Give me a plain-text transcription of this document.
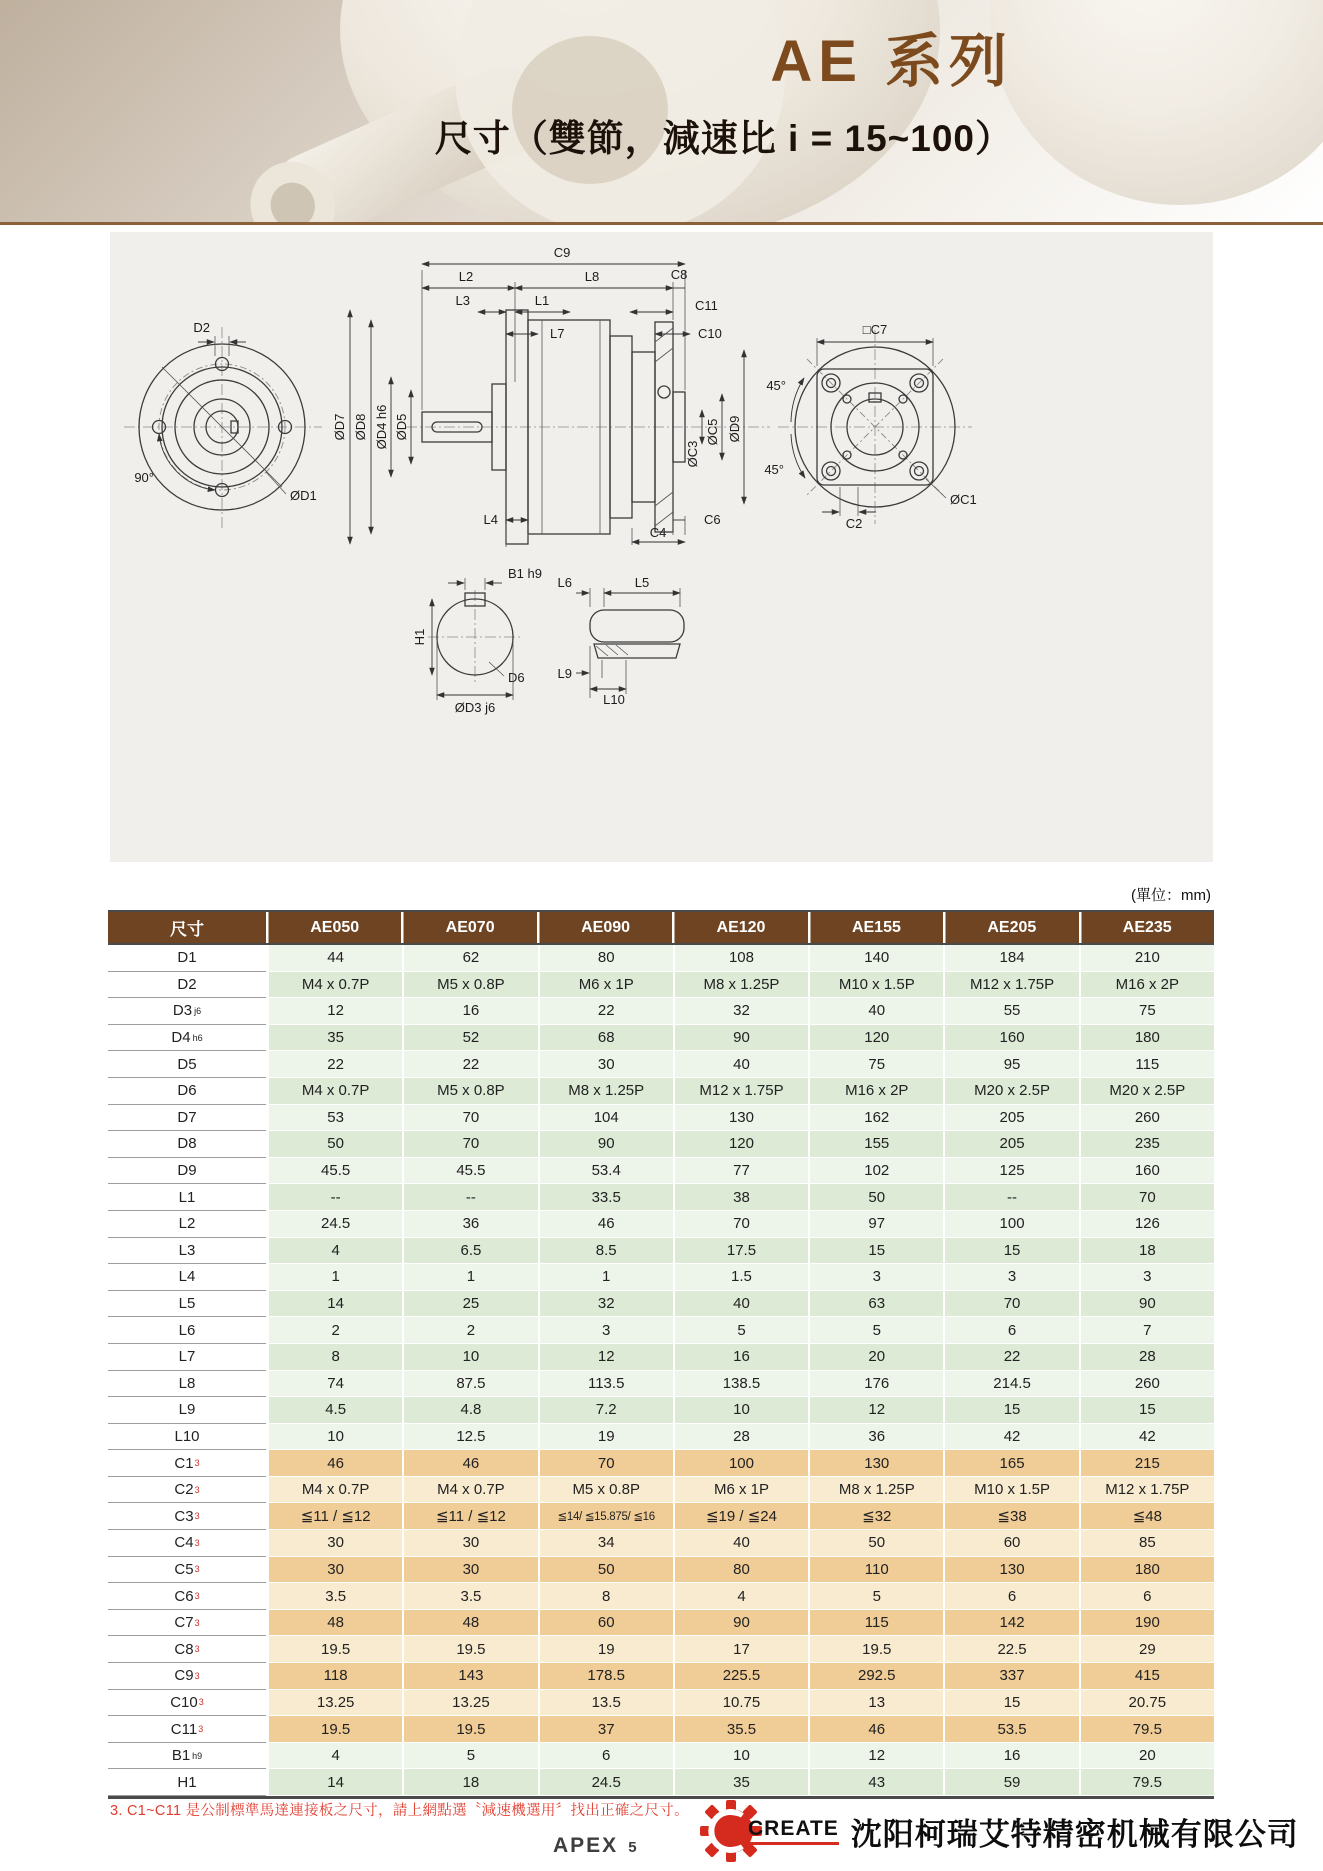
AE 系列
尺寸（雙節，減速比 i = 15~100）
D2
90°
ØD1
C9
L2	L8	C8
L3	L1	C11
L7	C10
ØD7 ØD8 ØD4 h6 ØD5
ØC3
ØC5 ØD9
L4	C6
C4
□C7
45°
45°
ØC1
C2
B1 h9
H1
D6
ØD3 j6
L6	L5
L9
L10
(單位：mm)
尺寸	AE050	AE070	AE090	AE120	AE155	AE205	AE235
D1	44	62	80	108	140	184	210
D2	M4 x 0.7P	M5 x 0.8P	M6 x 1P	M8 x 1.25P	M10 x 1.5P	M12 x 1.75P	M16 x 2P
D3 j6	12	16	22	32	40	55	75
D4 h6	35	52	68	90	120	160	180
D5	22	22	30	40	75	95	115
D6	M4 x 0.7P	M5 x 0.8P	M8 x 1.25P	M12 x 1.75P	M16 x 2P	M20 x 2.5P	M20 x 2.5P
D7	53	70	104	130	162	205	260
D8	50	70	90	120	155	205	235
D9	45.5	45.5	53.4	77	102	125	160
L1	--	--	33.5	38	50	--	70
L2	24.5	36	46	70	97	100	126
L3	4	6.5	8.5	17.5	15	15	18
L4	1	1	1	1.5	3	3	3
L5	14	25	32	40	63	70	90
L6	2	2	3	5	5	6	7
L7	8	10	12	16	20	22	28
L8	74	87.5	113.5	138.5	176	214.5	260
L9	4.5	4.8	7.2	10	12	15	15
L10	10	12.5	19	28	36	42	42
C1 3	46	46	70	100	130	165	215
C2 3	M4 x 0.7P	M4 x 0.7P	M5 x 0.8P	M6 x 1P	M8 x 1.25P	M10 x 1.5P	M12 x 1.75P
C3 3	≦11 / ≦12	≦11 / ≦12	≦14/ ≦15.875/ ≦16	≦19 / ≦24	≦32	≦38	≦48
C4 3	30	30	34	40	50	60	85
C5 3	30	30	50	80	110	130	180
C6 3	3.5	3.5	8	4	5	6	6
C7 3	48	48	60	90	115	142	190
C8 3	19.5	19.5	19	17	19.5	22.5	29
C9 3	118	143	178.5	225.5	292.5	337	415
C10 3	13.25	13.25	13.5	10.75	13	15	20.75
C11 3	19.5	19.5	37	35.5	46	53.5	79.5
B1 h9	4	5	6	10	12	16	20
H1	14	18	24.5	35	43	59	79.5
3. C1~C11 是公制標準馬達連接板之尺寸，請上網點選〝減速機選用〞找出正確之尺寸。
APEX 5
CREATE 沈阳柯瑞艾特精密机械有限公司
